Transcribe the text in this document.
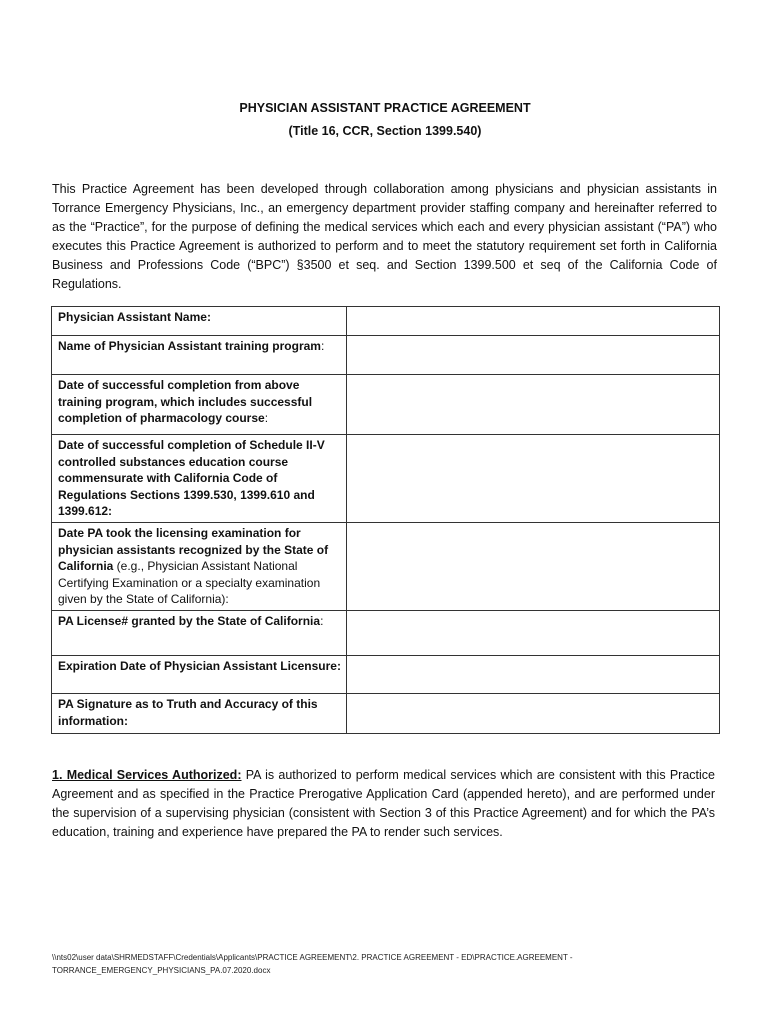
PHYSICIAN ASSISTANT PRACTICE AGREEMENT
(Title 16, CCR, Section 1399.540)
This Practice Agreement has been developed through collaboration among physicians and physician assistants in Torrance Emergency Physicians, Inc., an emergency department provider staffing company and hereinafter referred to as the “Practice”, for the purpose of defining the medical services which each and every physician assistant (“PA”) who executes this Practice Agreement is authorized to perform and to meet the statutory requirement set forth in California Business and Professions Code (“BPC”) §3500 et seq. and Section 1399.500 et seq of the California Code of Regulations.
Physician Assistant Name:	
Name of Physician Assistant training program:	
Date of successful completion from above training program, which includes successful completion of pharmacology course:	
Date of successful completion of Schedule II-V controlled substances education course commensurate with California Code of Regulations Sections 1399.530, 1399.610 and 1399.612:	
Date PA took the licensing examination for physician assistants recognized by the State of California (e.g., Physician Assistant National Certifying Examination or a specialty examination given by the State of California):	
PA License# granted by the State of California:	
Expiration Date of Physician Assistant Licensure:	
PA Signature as to Truth and Accuracy of this information:	
1. Medical Services Authorized: PA is authorized to perform medical services which are consistent with this Practice Agreement and as specified in the Practice Prerogative Application Card (appended hereto), and are performed under the supervision of a supervising physician (consistent with Section 3 of this Practice Agreement) and for which the PA’s education, training and experience have prepared the PA to render such services.
\\nts02\user data\SHRMEDSTAFF\Credentials\Applicants\PRACTICE AGREEMENT\2. PRACTICE AGREEMENT - ED\PRACTICE.AGREEMENT -
TORRANCE_EMERGENCY_PHYSICIANS_PA.07.2020.docx
